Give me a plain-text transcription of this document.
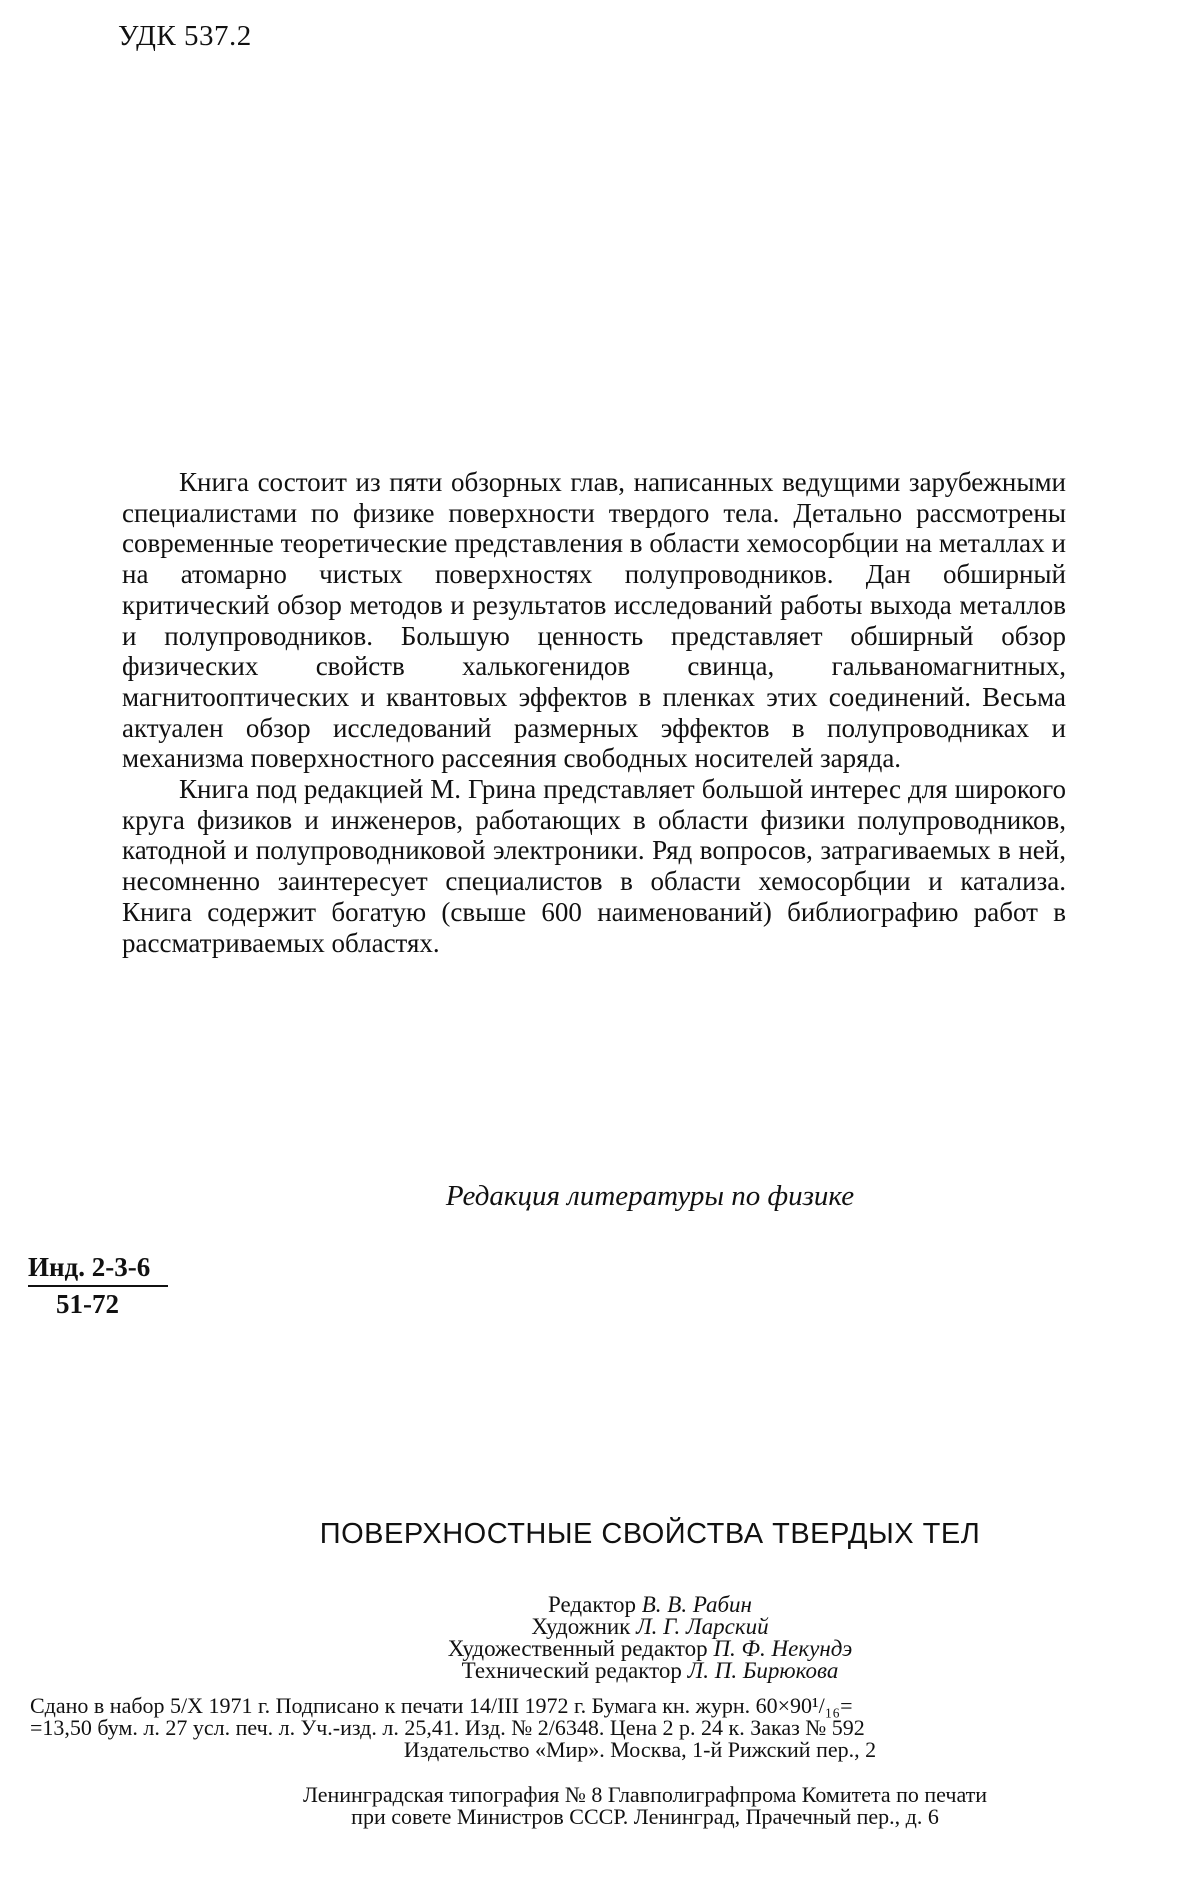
УДК 537.2

Книга состоит из пяти обзорных глав, написанных ведущими зарубежными специалистами по физике поверхности твердого тела. Детально рассмотрены современные теоретические представления в области хемосорбции на металлах и на атомарно чистых поверхностях полупроводников. Дан обширный критический обзор методов и результатов исследований работы выхода металлов и полупроводников. Большую ценность представляет обширный обзор физических свойств халькогенидов свинца, гальваномагнитных, магнитооптических и квантовых эффектов в пленках этих соединений. Весьма актуален обзор исследований размерных эффектов в полупроводниках и механизма поверхностного рассеяния свободных носителей заряда.

Книга под редакцией М. Грина представляет большой интерес для широкого круга физиков и инженеров, работающих в области физики полупроводников, катодной и полупроводниковой электроники. Ряд вопросов, затрагиваемых в ней, несомненно заинтересует специалистов в области хемосорбции и катализа. Книга содержит богатую (свыше 600 наименований) библиографию работ в рассматриваемых областях.

Редакция литературы по физике
Инд. 2-3-6
51-72
ПОВЕРХНОСТНЫЕ СВОЙСТВА ТВЕРДЫХ ТЕЛ
Редактор В. В. Рабин
Художник Л. Г. Ларский
Художественный редактор П. Ф. Некундэ
Технический редактор Л. П. Бирюкова
Сдано в набор 5/X 1971 г. Подписано к печати 14/III 1972 г. Бумага кн. журн. 60×90¹/₁₆=
=13,50 бум. л. 27 усл. печ. л. Уч.-изд. л. 25,41. Изд. № 2/6348. Цена 2 р. 24 к. Заказ № 592
Издательство «Мир». Москва, 1-й Рижский пер., 2
Ленинградская типография № 8 Главполиграфпрома Комитета по печати
при совете Министров СССР. Ленинград, Прачечный пер., д. 6
